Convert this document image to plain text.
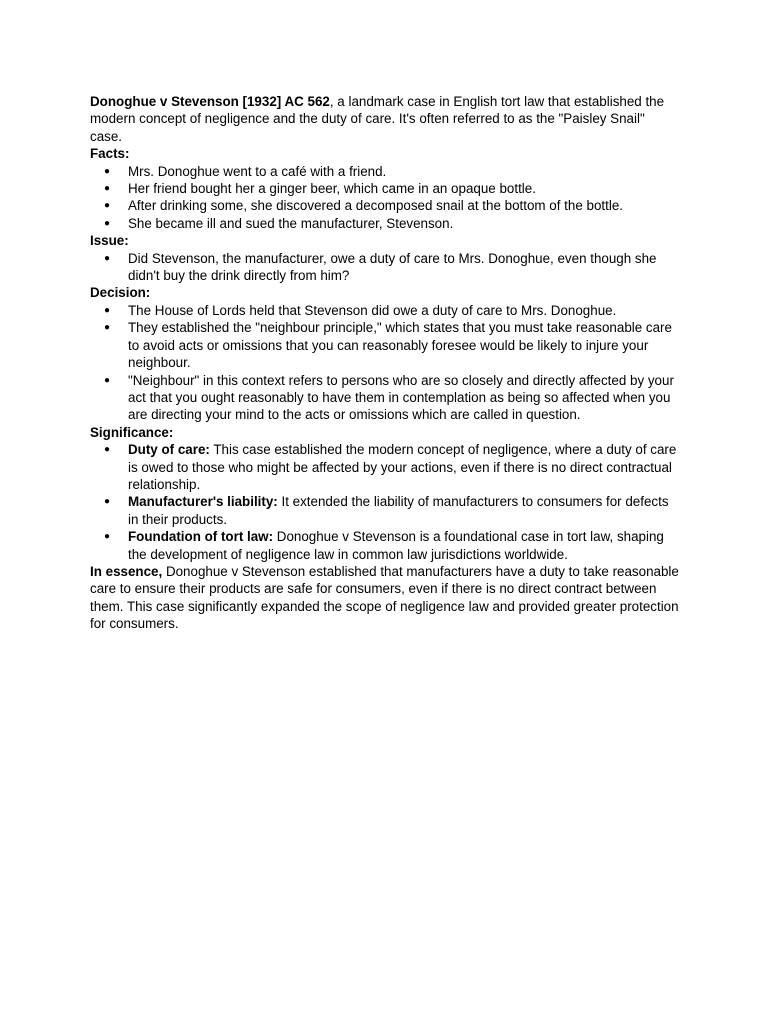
Donoghue v Stevenson [1932] AC 562, a landmark case in English tort law that established the modern concept of negligence and the duty of care. It's often referred to as the "Paisley Snail" case.

Facts:

● Mrs. Donoghue went to a café with a friend.
● Her friend bought her a ginger beer, which came in an opaque bottle.
● After drinking some, she discovered a decomposed snail at the bottom of the bottle.
● She became ill and sued the manufacturer, Stevenson.

Issue:

● Did Stevenson, the manufacturer, owe a duty of care to Mrs. Donoghue, even though she didn't buy the drink directly from him?

Decision:

● The House of Lords held that Stevenson did owe a duty of care to Mrs. Donoghue.
● They established the "neighbour principle," which states that you must take reasonable care to avoid acts or omissions that you can reasonably foresee would be likely to injure your neighbour.
● "Neighbour" in this context refers to persons who are so closely and directly affected by your act that you ought reasonably to have them in contemplation as being so affected when you are directing your mind to the acts or omissions which are called in question.

Significance:

● Duty of care: This case established the modern concept of negligence, where a duty of care is owed to those who might be affected by your actions, even if there is no direct contractual relationship.
● Manufacturer's liability: It extended the liability of manufacturers to consumers for defects in their products.
● Foundation of tort law: Donoghue v Stevenson is a foundational case in tort law, shaping the development of negligence law in common law jurisdictions worldwide.

In essence, Donoghue v Stevenson established that manufacturers have a duty to take reasonable care to ensure their products are safe for consumers, even if there is no direct contract between them. This case significantly expanded the scope of negligence law and provided greater protection for consumers.
